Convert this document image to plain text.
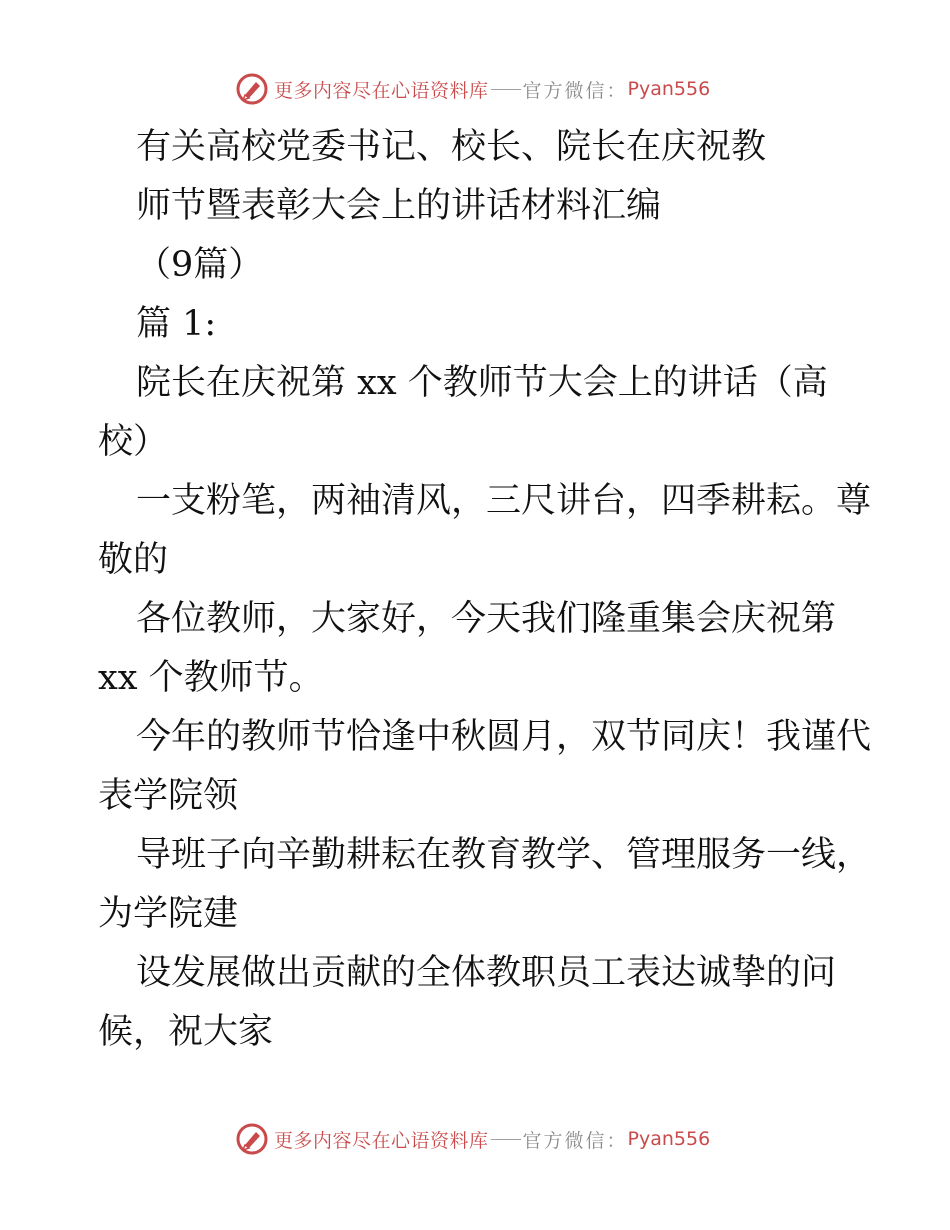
更多内容尽在心语资料库 官方微信： Pyan556
有关高校党委书记、校长、院长在庆祝教
师节暨表彰大会上的讲话材料汇编
（9篇）
篇 1:
院长在庆祝第 xx 个教师节大会上的讲话（高
校）
一支粉笔，两袖清风，三尺讲台，四季耕耘。尊
敬的
各位教师，大家好，今天我们隆重集会庆祝第
xx 个教师节。
今年的教师节恰逢中秋圆月，双节同庆！我谨代
表学院领
导班子向辛勤耕耘在教育教学、管理服务一线，
为学院建
设发展做出贡献的全体教职员工表达诚挚的问
候，祝大家
更多内容尽在心语资料库 官方微信： Pyan556
